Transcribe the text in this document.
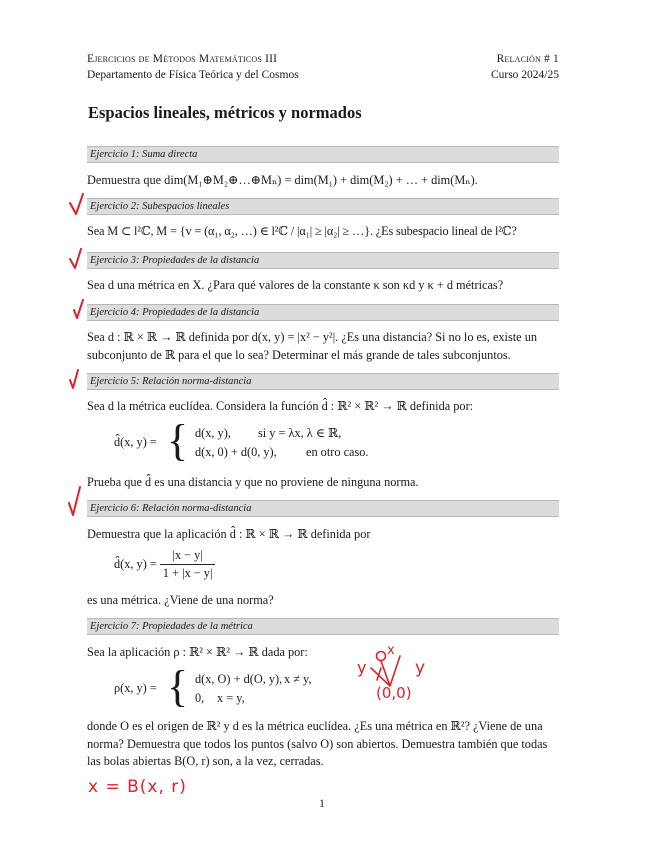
Ejercicios de Métodos Matemáticos III	Relación # 1
Departamento de Física Teórica y del Cosmos	Curso 2024/25
Espacios lineales, métricos y normados
Ejercicio 1: Suma directa
Demuestra que dim(M₁⊕M₂⊕…⊕Mₙ) = dim(M₁) + dim(M₂) + … + dim(Mₙ).
Ejercicio 2: Subespacios lineales
Sea M ⊂ l²ℂ, M = {v = (α₁, α₂, …) ∈ l²ℂ / |α₁| ≥ |α₂| ≥ …}. ¿Es subespacio lineal de l²ℂ?
Ejercicio 3: Propiedades de la distancia
Sea d una métrica en X. ¿Para qué valores de la constante κ son κd y κ + d métricas?
Ejercicio 4: Propiedades de la distancia
Sea d : ℝ × ℝ → ℝ definida por d(x, y) = |x² − y²|. ¿Es una distancia? Si no lo es, existe un subconjunto de ℝ para el que lo sea? Determinar el más grande de tales subconjuntos.
Ejercicio 5: Relación norma-distancia
Sea d la métrica euclídea. Considera la función d̂ : ℝ² × ℝ² → ℝ definida por:
d̂(x, y) = { d(x, y), si y = λx, λ ∈ ℝ,
d(x, 0) + d(0, y), en otro caso.
Prueba que d̂ es una distancia y que no proviene de ninguna norma.
Ejercicio 6: Relación norma-distancia
Demuestra que la aplicación d̂ : ℝ × ℝ → ℝ definida por
d̂(x, $y) = \frac{|x - y|}{1 + |x - y|}$
es una métrica. ¿Viene de una norma?
Ejercicio 7: Propiedades de la métrica
Sea la aplicación ρ : ℝ² × ℝ² → ℝ dada por:
ρ(x, y) = { d(x, O) + d(O, y), x ≠ y,
0, x = y,
donde O es el origen de ℝ² y d es la métrica euclídea. ¿Es una métrica en ℝ²? ¿Viene de una norma? Demuestra que todos los puntos (salvo O) son abiertos. Demuestra también que todas las bolas abiertas B(O, r) son, a la vez, cerradas.
1
x
y	y
(0,0)
x = B(x, r)
